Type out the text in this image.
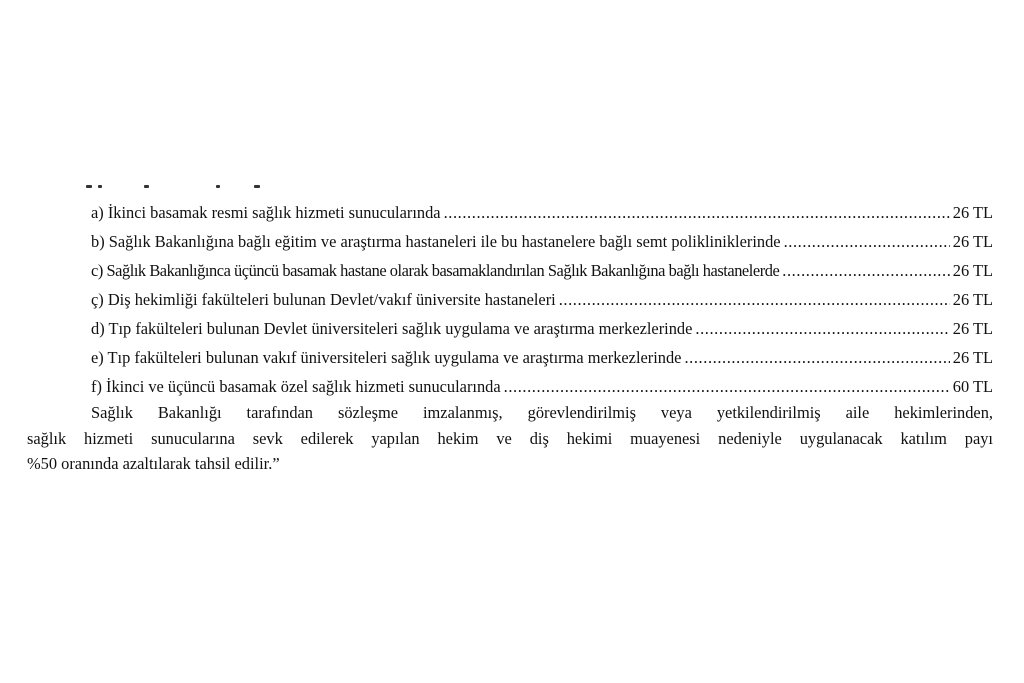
a) İkinci basamak resmi sağlık hizmeti sunucularında .....	26 TL
b) Sağlık Bakanlığına bağlı eğitim ve araştırma hastaneleri ile bu hastanelere bağlı semt polikliniklerinde .....	26 TL
c) Sağlık Bakanlığınca üçüncü basamak hastane olarak basamaklandırılan Sağlık Bakanlığına bağlı hastanelerde .....	26 TL
ç) Diş hekimliği fakülteleri bulunan Devlet/vakıf üniversite hastaneleri .....	26 TL
d) Tıp fakülteleri bulunan Devlet üniversiteleri sağlık uygulama ve araştırma merkezlerinde .....	26 TL
e) Tıp fakülteleri bulunan vakıf üniversiteleri sağlık uygulama ve araştırma merkezlerinde .....	26 TL
f) İkinci ve üçüncü basamak özel sağlık hizmeti sunucularında .....	60 TL
Sağlık Bakanlığı tarafından sözleşme imzalanmış, görevlendirilmiş veya yetkilendirilmiş aile hekimlerinden,
sağlık hizmeti sunucularına sevk edilerek yapılan hekim ve diş hekimi muayenesi nedeniyle uygulanacak katılım payı
%50 oranında azaltılarak tahsil edilir.”
